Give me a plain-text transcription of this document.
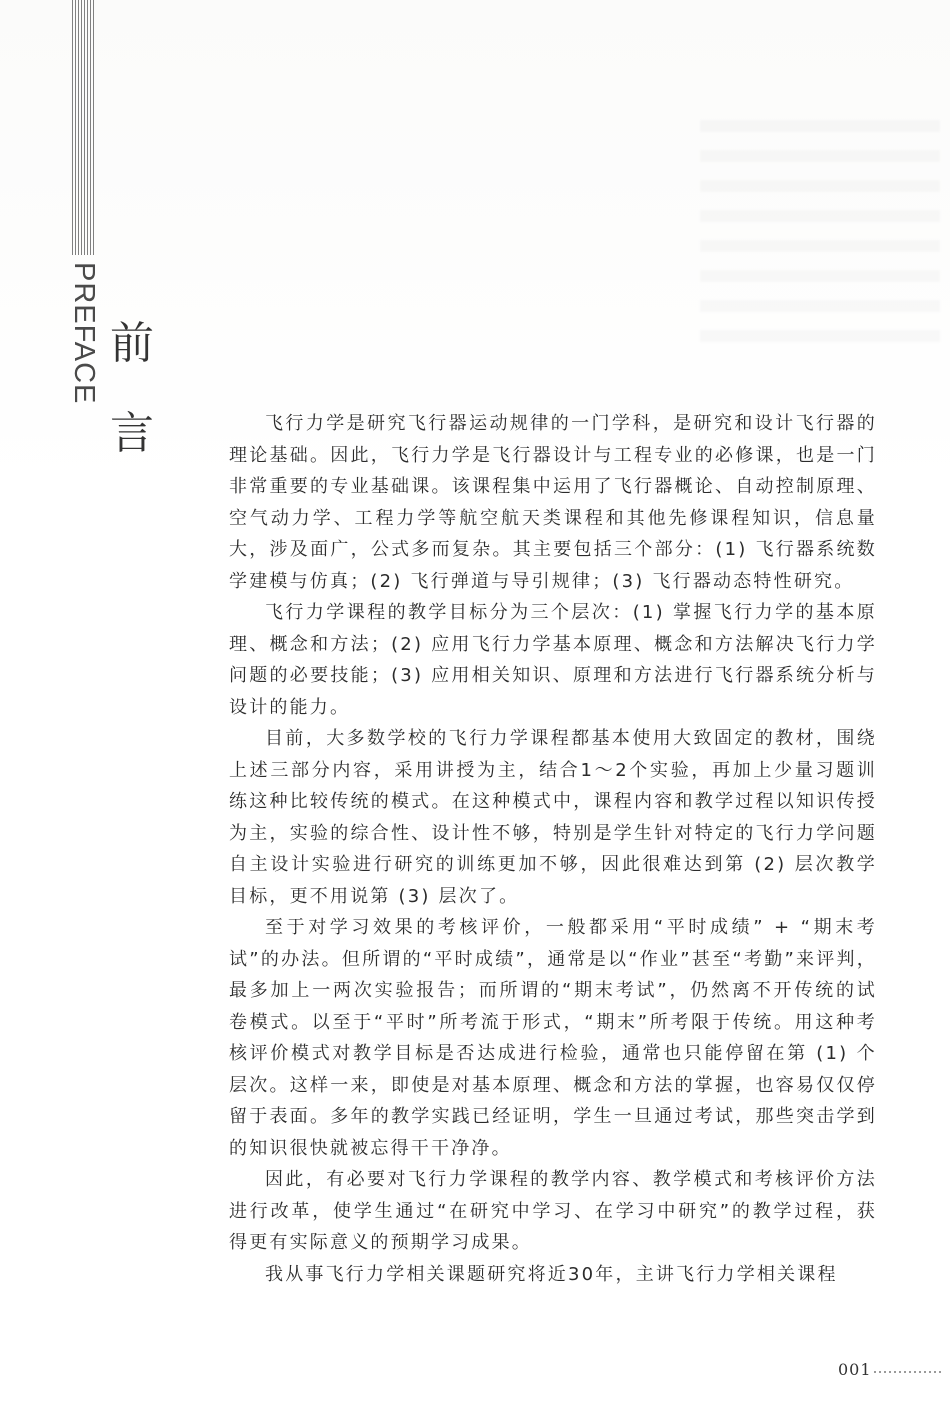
PREFACE 前
言	飞行力学是研究飞行器运动规律的一门学科，是研究和设计飞行器的理论基础。因此，飞行力学是飞行器设计与工程专业的必修课，也是一门非常重要的专业基础课。该课程集中运用了飞行器概论、自动控制原理、空气动力学、工程力学等航空航天类课程和其他先修课程知识，信息量大，涉及面广，公式多而复杂。其主要包括三个部分：(1) 飞行器系统数学建模与仿真；(2) 飞行弹道与导引规律；(3) 飞行器动态特性研究。

飞行力学课程的教学目标分为三个层次：(1) 掌握飞行力学的基本原理、概念和方法；(2) 应用飞行力学基本原理、概念和方法解决飞行力学问题的必要技能；(3) 应用相关知识、原理和方法进行飞行器系统分析与设计的能力。

目前，大多数学校的飞行力学课程都基本使用大致固定的教材，围绕上述三部分内容，采用讲授为主，结合1～2个实验，再加上少量习题训练这种比较传统的模式。在这种模式中，课程内容和教学过程以知识传授为主，实验的综合性、设计性不够，特别是学生针对特定的飞行力学问题自主设计实验进行研究的训练更加不够，因此很难达到第 (2) 层次教学目标，更不用说第 (3) 层次了。

至于对学习效果的考核评价，一般都采用“平时成绩” + “期末考试”的办法。但所谓的“平时成绩”，通常是以“作业”甚至“考勤”来评判，最多加上一两次实验报告；而所谓的“期末考试”，仍然离不开传统的试卷模式。以至于“平时”所考流于形式，“期末”所考限于传统。用这种考核评价模式对教学目标是否达成进行检验，通常也只能停留在第 (1) 个层次。这样一来，即使是对基本原理、概念和方法的掌握，也容易仅仅停留于表面。多年的教学实践已经证明，学生一旦通过考试，那些突击学到的知识很快就被忘得干干净净。

因此，有必要对飞行力学课程的教学内容、教学模式和考核评价方法进行改革，使学生通过“在研究中学习、在学习中研究”的教学过程，获得更有实际意义的预期学习成果。

我从事飞行力学相关课题研究将近30年，主讲飞行力学相关课程

001
